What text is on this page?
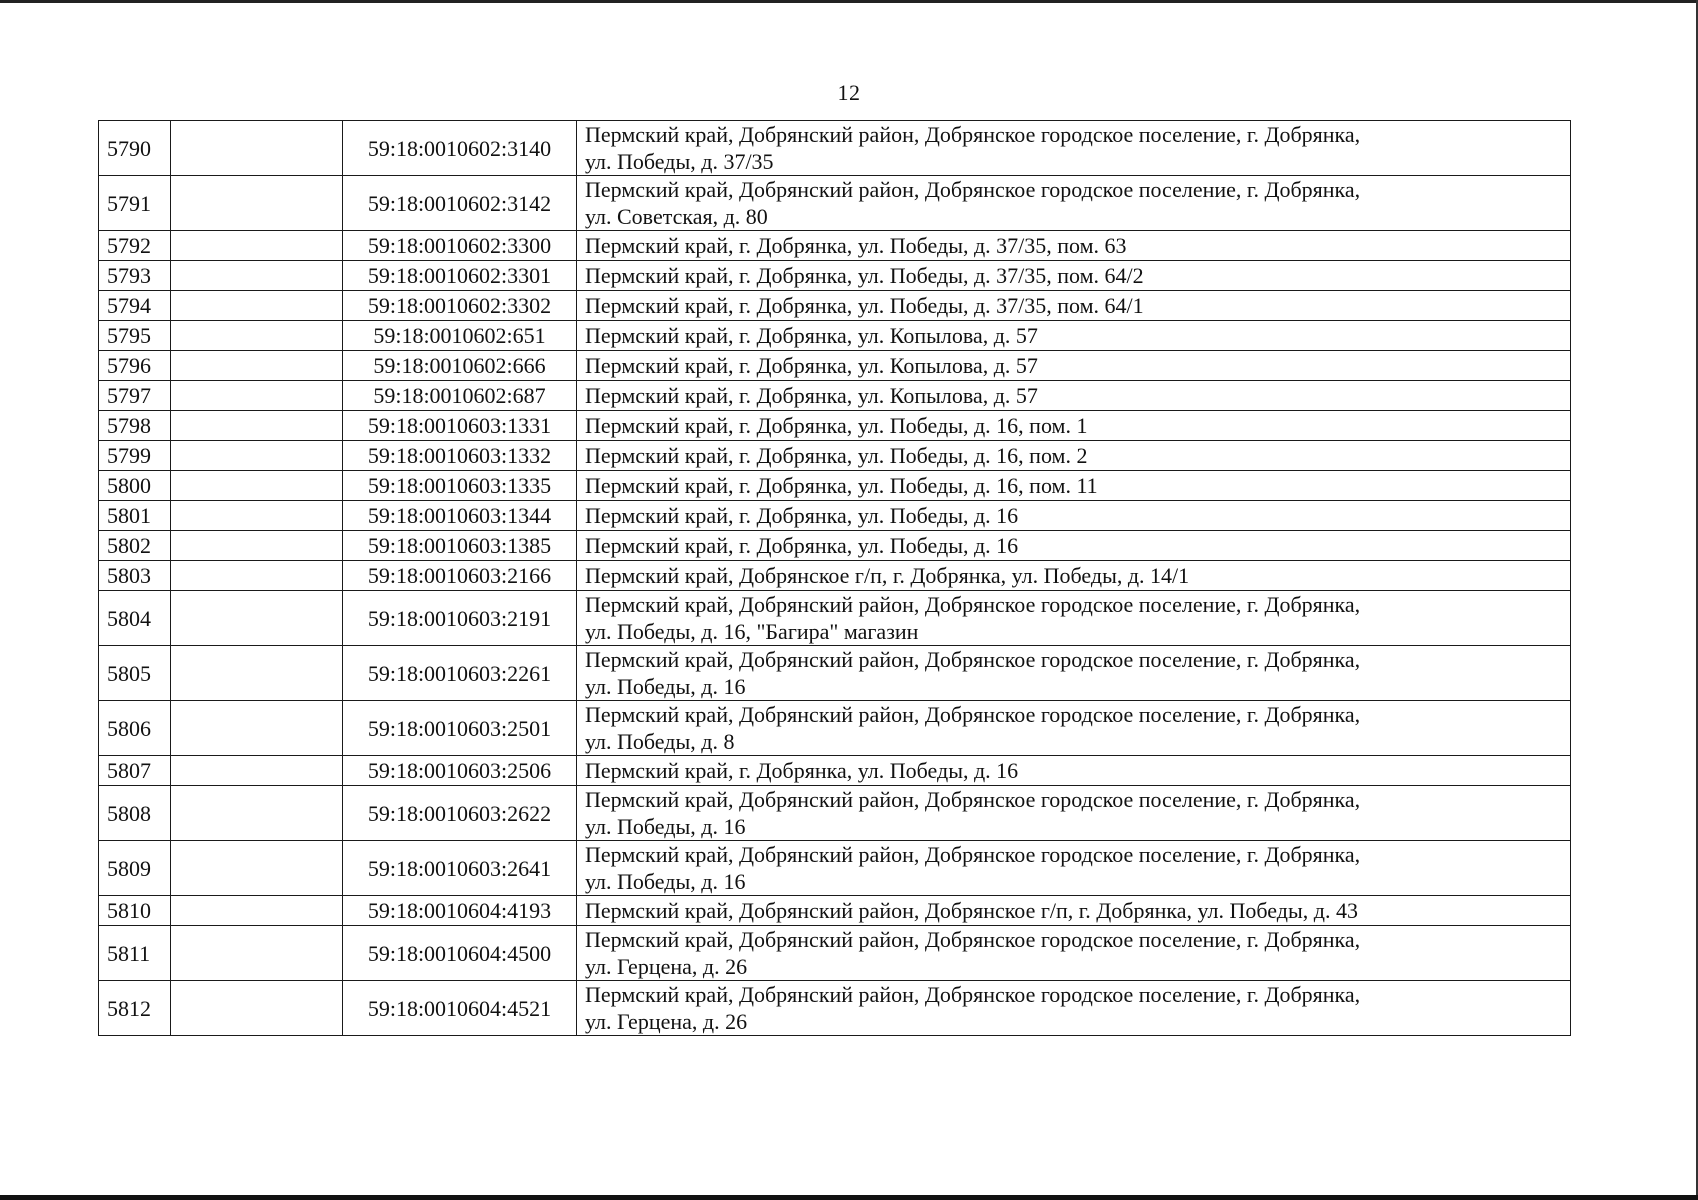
12
5790		59:18:0010602:3140	Пермский край, Добрянский район, Добрянское городское поселение, г. Добрянка,
ул. Победы, д. 37/35

5791		59:18:0010602:3142	Пермский край, Добрянский район, Добрянское городское поселение, г. Добрянка,
ул. Советская, д. 80

5792		59:18:0010602:3300	Пермский край, г. Добрянка, ул. Победы, д. 37/35, пом. 63

5793		59:18:0010602:3301	Пермский край, г. Добрянка, ул. Победы, д. 37/35, пом. 64/2

5794		59:18:0010602:3302	Пермский край, г. Добрянка, ул. Победы, д. 37/35, пом. 64/1

5795		59:18:0010602:651	Пермский край, г. Добрянка, ул. Копылова, д. 57

5796		59:18:0010602:666	Пермский край, г. Добрянка, ул. Копылова, д. 57

5797		59:18:0010602:687	Пермский край, г. Добрянка, ул. Копылова, д. 57

5798		59:18:0010603:1331	Пермский край, г. Добрянка, ул. Победы, д. 16, пом. 1

5799		59:18:0010603:1332	Пермский край, г. Добрянка, ул. Победы, д. 16, пом. 2

5800		59:18:0010603:1335	Пермский край, г. Добрянка, ул. Победы, д. 16, пом. 11

5801		59:18:0010603:1344	Пермский край, г. Добрянка, ул. Победы, д. 16

5802		59:18:0010603:1385	Пермский край, г. Добрянка, ул. Победы, д. 16

5803		59:18:0010603:2166	Пермский край, Добрянское г/п, г. Добрянка, ул. Победы, д. 14/1

5804		59:18:0010603:2191	Пермский край, Добрянский район, Добрянское городское поселение, г. Добрянка,
ул. Победы, д. 16, "Багира" магазин

5805		59:18:0010603:2261	Пермский край, Добрянский район, Добрянское городское поселение, г. Добрянка,
ул. Победы, д. 16

5806		59:18:0010603:2501	Пермский край, Добрянский район, Добрянское городское поселение, г. Добрянка,
ул. Победы, д. 8

5807		59:18:0010603:2506	Пермский край, г. Добрянка, ул. Победы, д. 16

5808		59:18:0010603:2622	Пермский край, Добрянский район, Добрянское городское поселение, г. Добрянка,
ул. Победы, д. 16

5809		59:18:0010603:2641	Пермский край, Добрянский район, Добрянское городское поселение, г. Добрянка,
ул. Победы, д. 16

5810		59:18:0010604:4193	Пермский край, Добрянский район, Добрянское г/п, г. Добрянка, ул. Победы, д. 43

5811		59:18:0010604:4500	Пермский край, Добрянский район, Добрянское городское поселение, г. Добрянка,
ул. Герцена, д. 26

5812		59:18:0010604:4521	Пермский край, Добрянский район, Добрянское городское поселение, г. Добрянка,
ул. Герцена, д. 26
